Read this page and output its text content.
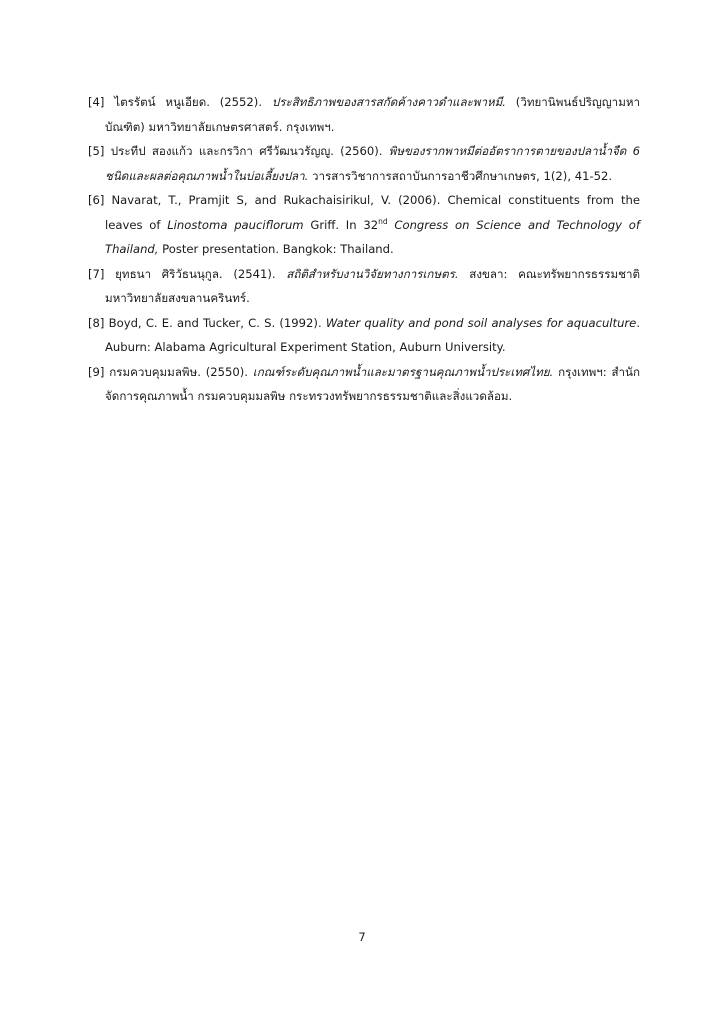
[4] ไตรรัตน์ หนูเอียด. (2552). ประสิทธิภาพของสารสกัดค้างคาวดำและพาหมี. (วิทยานิพนธ์ปริญญามหาบัณฑิต) มหาวิทยาลัยเกษตรศาสตร์. กรุงเทพฯ.

[5] ประทีป สองแก้ว และกรวิกา ศรีวัฒนวรัญญู. (2560). พิษของรากพาหมีต่ออัตราการตายของปลาน้ำจืด 6 ชนิดและผลต่อคุณภาพน้ำในบ่อเลี้ยงปลา. วารสารวิชาการสถาบันการอาชีวศึกษาเกษตร, 1(2), 41-52.

[6] Navarat, T., Pramjit S, and Rukachaisirikul, V. (2006). Chemical constituents from the leaves of Linostoma pauciflorum Griff. In 32nd Congress on Science and Technology of Thailand, Poster presentation. Bangkok: Thailand.

[7] ยุทธนา ศิริวัธนนุกูล. (2541). สถิติสำหรับงานวิจัยทางการเกษตร. สงขลา: คณะทรัพยากรธรรมชาติ มหาวิทยาลัยสงขลานครินทร์.

[8] Boyd, C. E. and Tucker, C. S. (1992). Water quality and pond soil analyses for aquaculture. Auburn: Alabama Agricultural Experiment Station, Auburn University.

[9] กรมควบคุมมลพิษ. (2550). เกณฑ์ระดับคุณภาพน้ำและมาตรฐานคุณภาพน้ำประเทศไทย. กรุงเทพฯ: สำนักจัดการคุณภาพน้ำ กรมควบคุมมลพิษ กระทรวงทรัพยากรธรรมชาติและสิ่งแวดล้อม.

7
